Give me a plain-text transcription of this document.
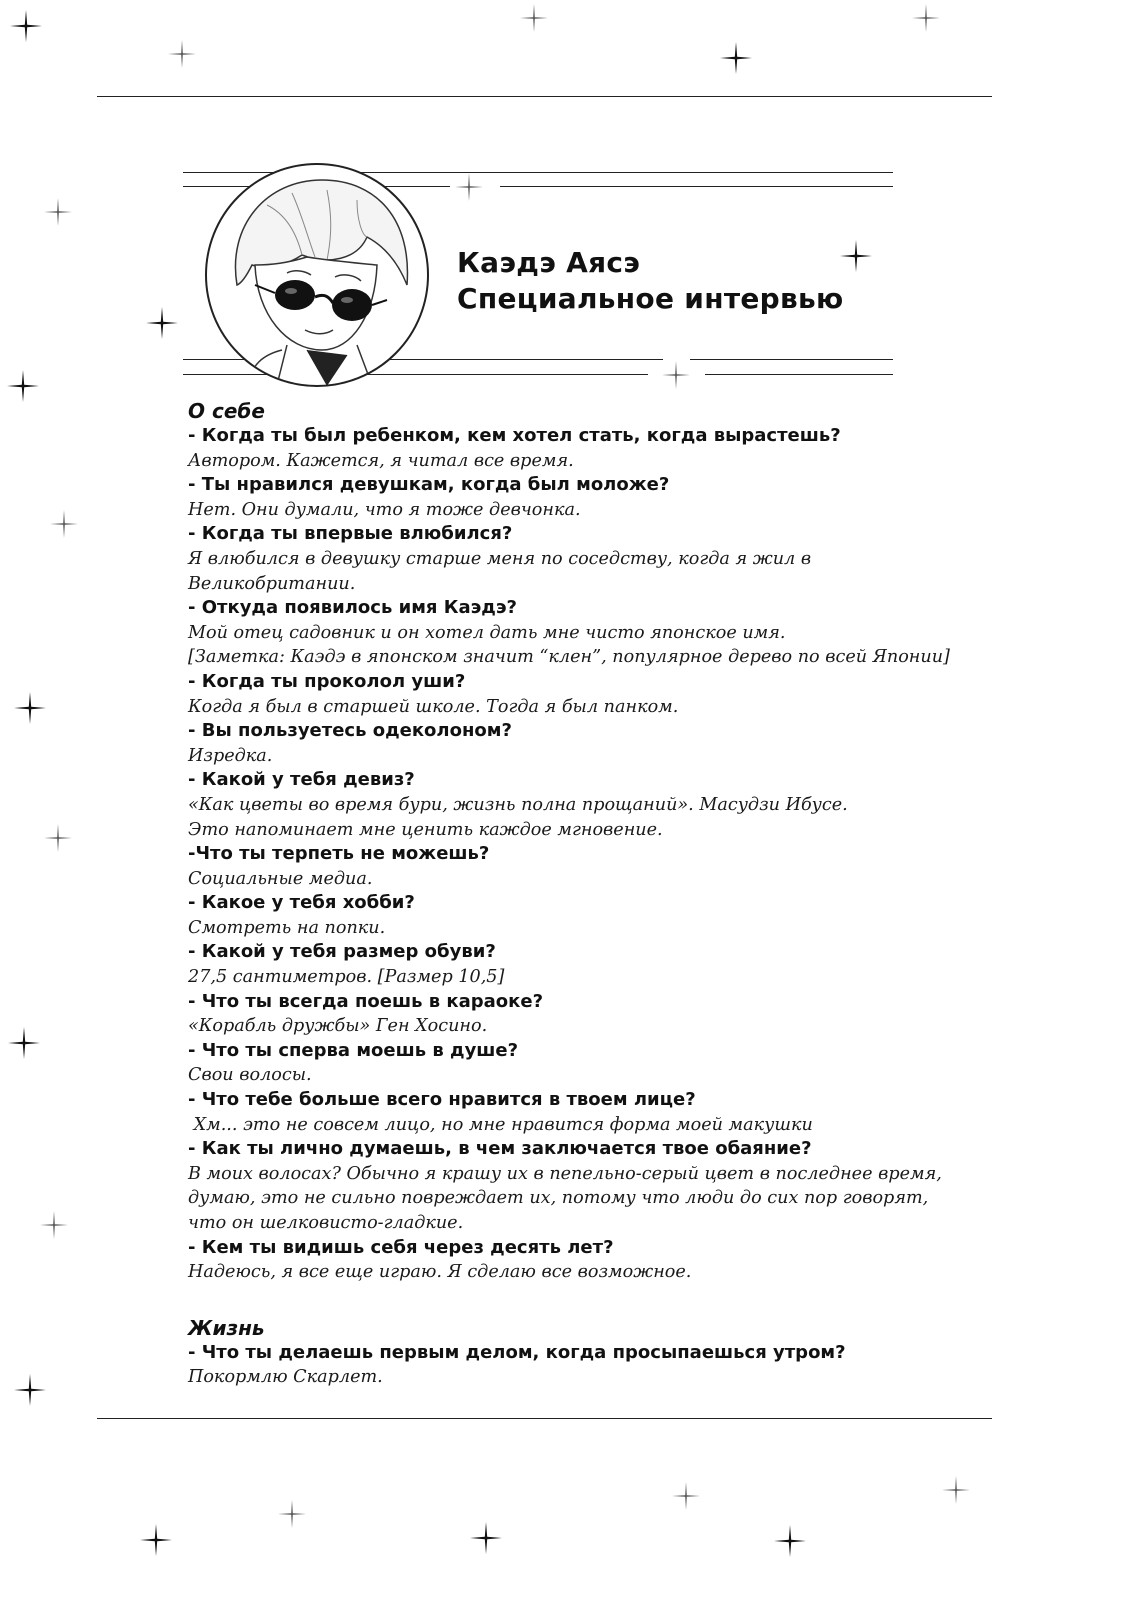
Каэдэ Аясэ
Специальное интервью
О себе
- Когда ты был ребенком, кем хотел стать, когда вырастешь?
Автором. Кажется, я читал все время.
- Ты нравился девушкам, когда был моложе?
Нет. Они думали, что я тоже девчонка.
- Когда ты впервые влюбился?
Я влюбился в девушку старше меня по соседству, когда я жил в
Великобритании.
- Откуда появилось имя Каэдэ?
Мой отец садовник и он хотел дать мне чисто японское имя.
[Заметка: Каэдэ в японском значит “клен”, популярное дерево по всей Японии]
- Когда ты проколол уши?
Когда я был в старшей школе. Тогда я был панком.
- Вы пользуетесь одеколоном?
Изредка.
- Какой у тебя девиз?
«Как цветы во время бури, жизнь полна прощаний». Масудзи Ибусе.
Это напоминает мне ценить каждое мгновение.
-Что ты терпеть не можешь?
Социальные медиа.
- Какое у тебя хобби?
Смотреть на попки.
- Какой у тебя размер обуви?
27,5 сантиметров. [Размер 10,5]
- Что ты всегда поешь в караоке?
«Корабль дружбы» Ген Хосино.
- Что ты сперва моешь в душе?
Свои волосы.
- Что тебе больше всего нравится в твоем лице?
Хм... это не совсем лицо, но мне нравится форма моей макушки
- Как ты лично думаешь, в чем заключается твое обаяние?
В моих волосах? Обычно я крашу их в пепельно-серый цвет в последнее время,
думаю, это не сильно повреждает их, потому что люди до сих пор говорят,
что он шелковисто-гладкие.
- Кем ты видишь себя через десять лет?
Надеюсь, я все еще играю. Я сделаю все возможное.
Жизнь
- Что ты делаешь первым делом, когда просыпаешься утром?
Покормлю Скарлет.
